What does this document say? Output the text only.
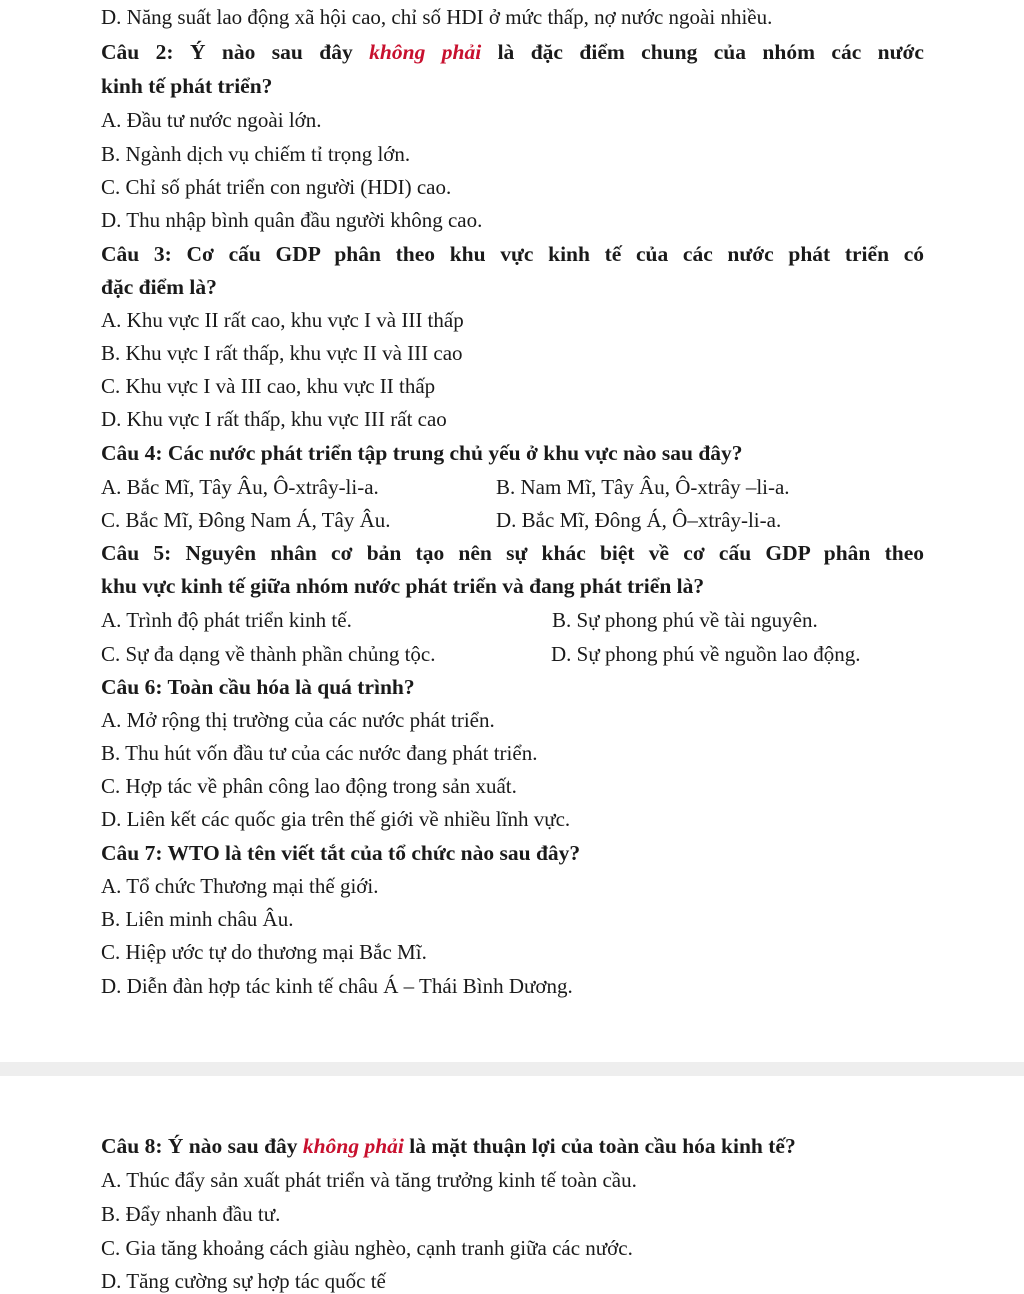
D. Năng suất lao động xã hội cao, chỉ số HDI ở mức thấp, nợ nước ngoài nhiều.
Câu 2: Ý nào sau đây không phải là đặc điểm chung của nhóm các nước
kinh tế phát triển?
A. Đầu tư nước ngoài lớn.
B. Ngành dịch vụ chiếm tỉ trọng lớn.
C. Chỉ số phát triển con người (HDI) cao.
D. Thu nhập bình quân đầu người không cao.
Câu 3: Cơ cấu GDP phân theo khu vực kinh tế của các nước phát triển có
đặc điểm là?
A. Khu vực II rất cao, khu vực I và III thấp
B. Khu vực I rất thấp, khu vực II và III cao
C. Khu vực I và III cao, khu vực II thấp
D. Khu vực I rất thấp, khu vực III rất cao
Câu 4: Các nước phát triển tập trung chủ yếu ở khu vực nào sau đây?
A. Bắc Mĩ, Tây Âu, Ô-xtrây-li-a.	B. Nam Mĩ, Tây Âu, Ô-xtrây –li-a.
C. Bắc Mĩ, Đông Nam Á, Tây Âu.	D. Bắc Mĩ, Đông Á, Ô–xtrây-li-a.
Câu 5: Nguyên nhân cơ bản tạo nên sự khác biệt về cơ cấu GDP phân theo
khu vực kinh tế giữa nhóm nước phát triển và đang phát triển là?
A. Trình độ phát triển kinh tế.	B. Sự phong phú về tài nguyên.
C. Sự đa dạng về thành phần chủng tộc.	D. Sự phong phú về nguồn lao động.
Câu 6: Toàn cầu hóa là quá trình?
A. Mở rộng thị trường của các nước phát triển.
B. Thu hút vốn đầu tư của các nước đang phát triển.
C. Hợp tác về phân công lao động trong sản xuất.
D. Liên kết các quốc gia trên thế giới về nhiều lĩnh vực.
Câu 7: WTO là tên viết tắt của tổ chức nào sau đây?
A. Tổ chức Thương mại thế giới.
B. Liên minh châu Âu.
C. Hiệp ước tự do thương mại Bắc Mĩ.
D. Diễn đàn hợp tác kinh tế châu Á – Thái Bình Dương.
Câu 8: Ý nào sau đây không phải là mặt thuận lợi của toàn cầu hóa kinh tế?
A. Thúc đẩy sản xuất phát triển và tăng trưởng kinh tế toàn cầu.
B. Đẩy nhanh đầu tư.
C. Gia tăng khoảng cách giàu nghèo, cạnh tranh giữa các nước.
D. Tăng cường sự hợp tác quốc tế
